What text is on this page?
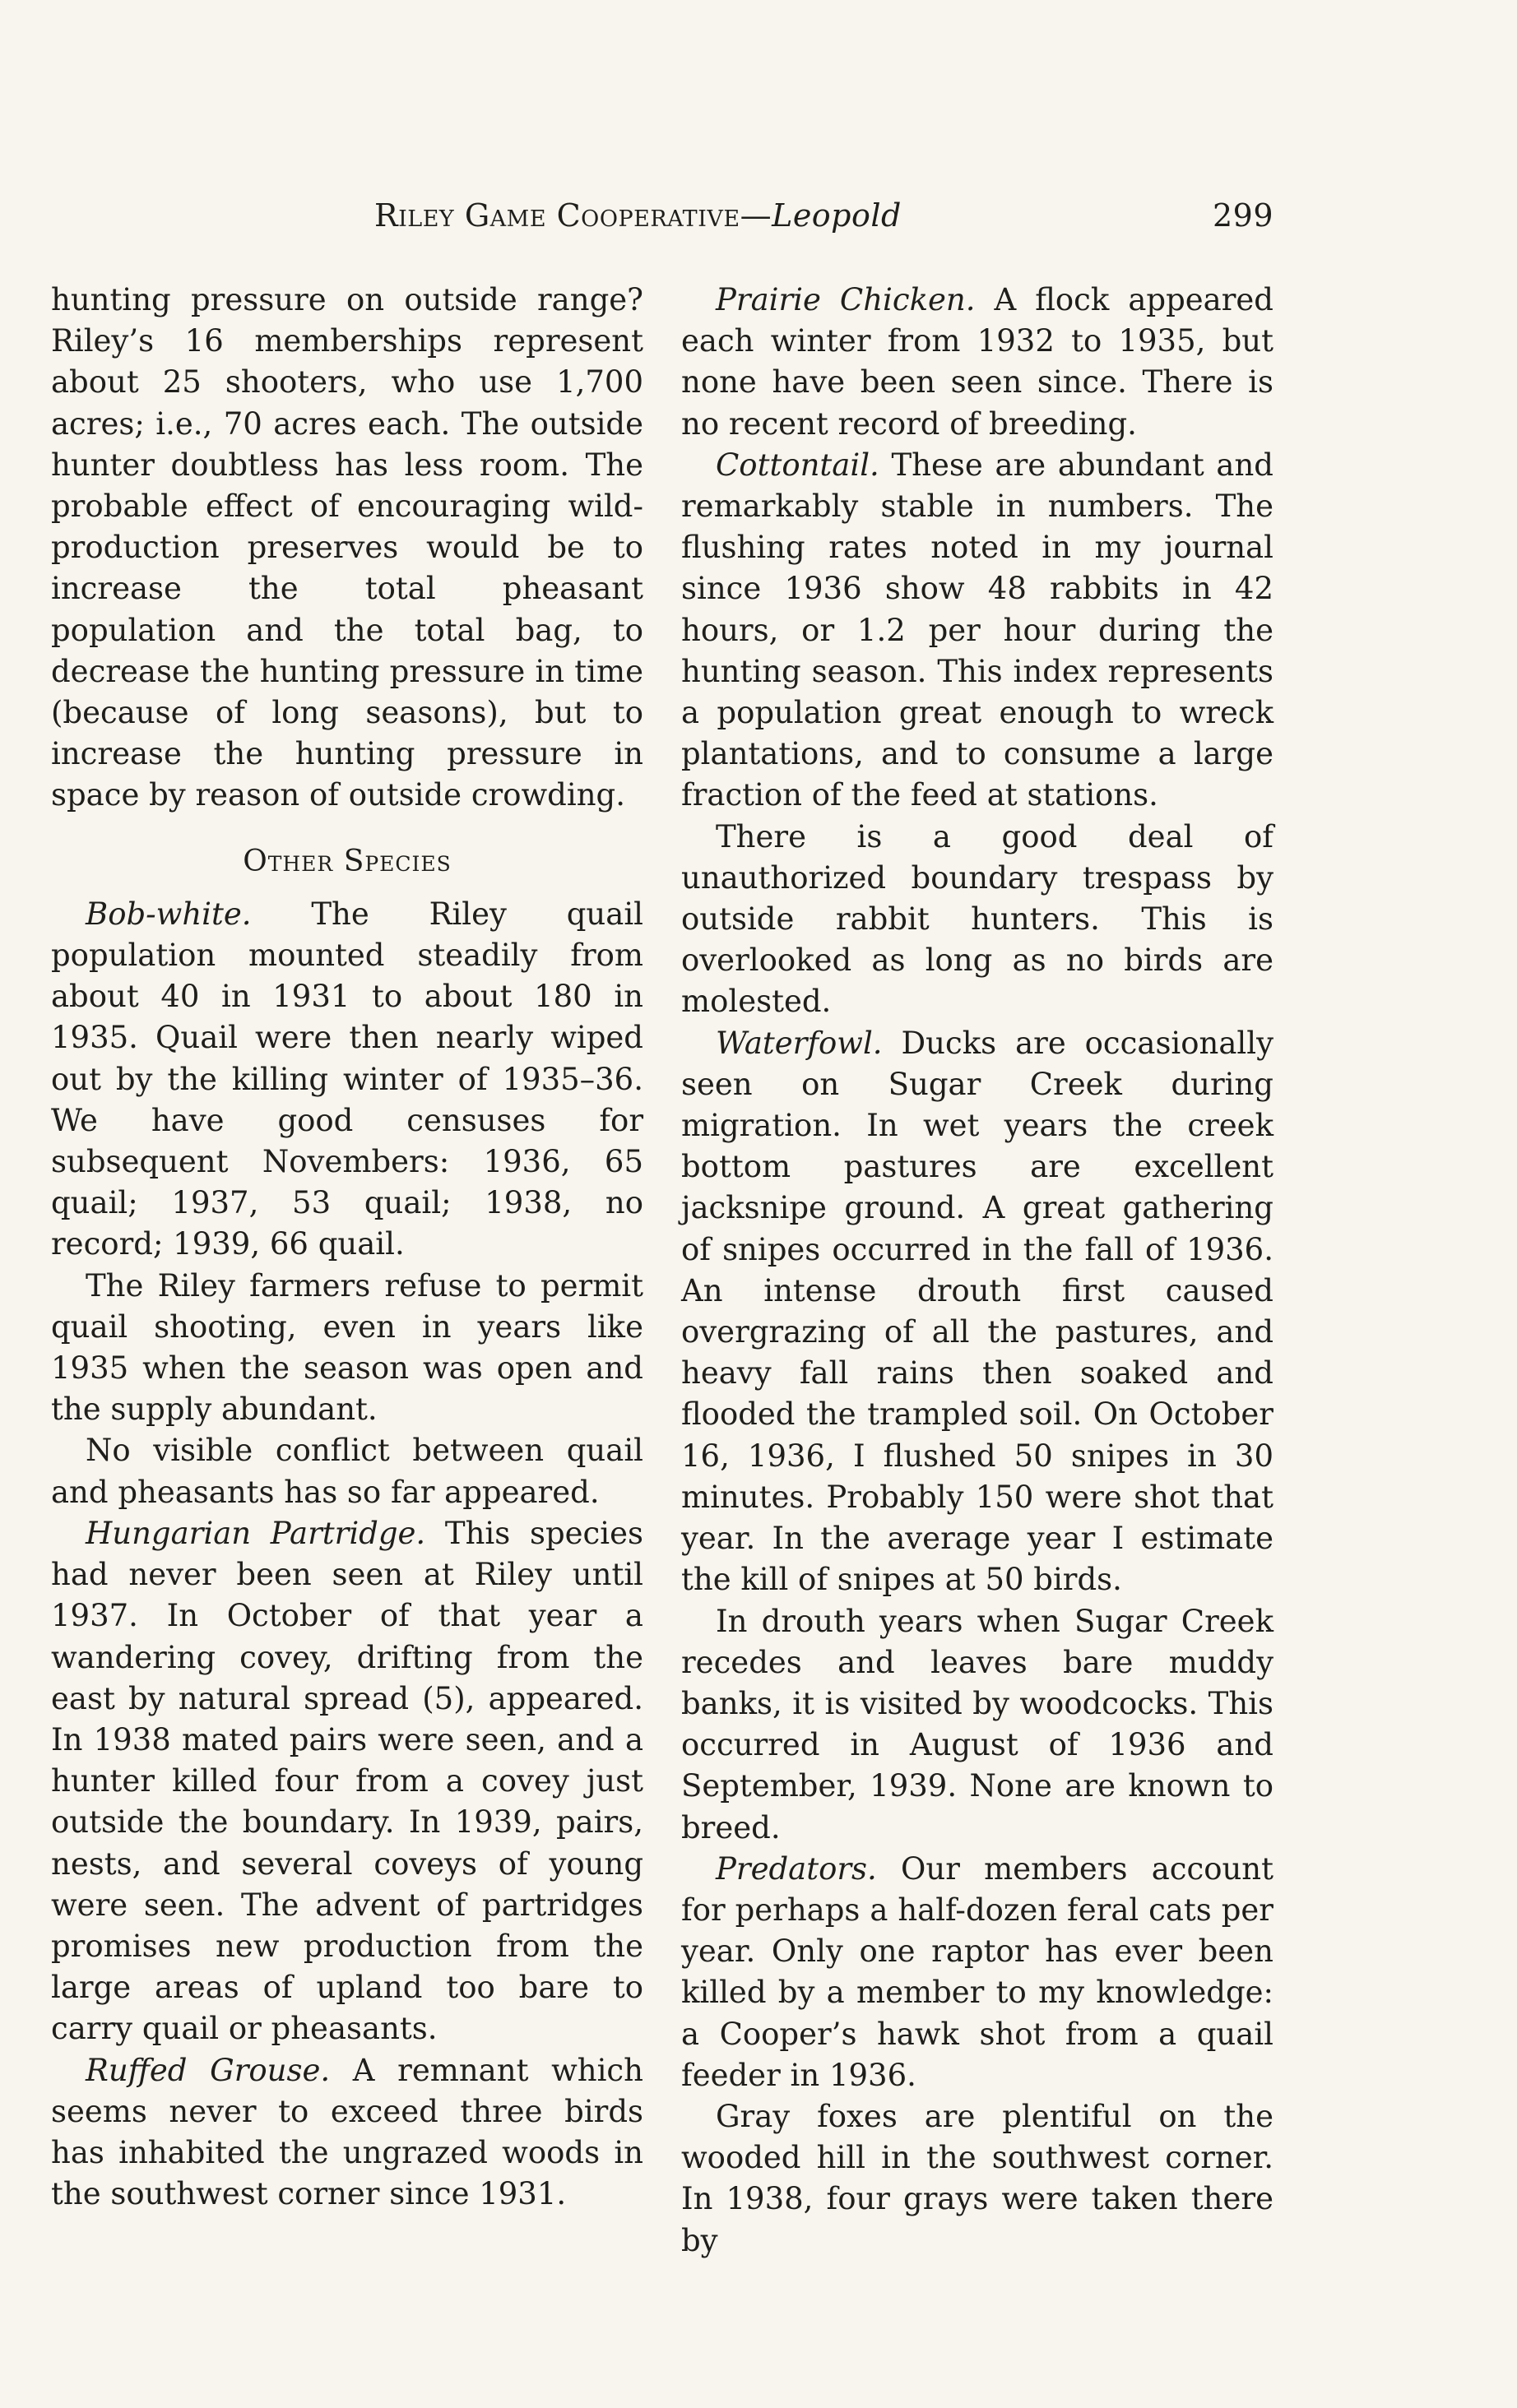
Riley Game Cooperative—Leopold	299

hunting pressure on outside range? Riley’s 16 memberships represent about 25 shooters, who use 1,700 acres; i.e., 70 acres each. The outside hunter doubtless has less room. The probable effect of encouraging wild-production preserves would be to increase the total pheasant population and the total bag, to decrease the hunting pressure in time (because of long seasons), but to increase the hunting pressure in space by reason of outside crowding.

Other Species

Bob-white. The Riley quail population mounted steadily from about 40 in 1931 to about 180 in 1935. Quail were then nearly wiped out by the killing winter of 1935–36. We have good censuses for subsequent Novembers: 1936, 65 quail; 1937, 53 quail; 1938, no record; 1939, 66 quail.

The Riley farmers refuse to permit quail shooting, even in years like 1935 when the season was open and the supply abundant.

No visible conflict between quail and pheasants has so far appeared.

Hungarian Partridge. This species had never been seen at Riley until 1937. In October of that year a wandering covey, drifting from the east by natural spread (5), appeared. In 1938 mated pairs were seen, and a hunter killed four from a covey just outside the boundary. In 1939, pairs, nests, and several coveys of young were seen. The advent of partridges promises new production from the large areas of upland too bare to carry quail or pheasants.

Ruffed Grouse. A remnant which seems never to exceed three birds has inhabited the ungrazed woods in the southwest corner since 1931.

Prairie Chicken. A flock appeared each winter from 1932 to 1935, but none have been seen since. There is no recent record of breeding.

Cottontail. These are abundant and remarkably stable in numbers. The flushing rates noted in my journal since 1936 show 48 rabbits in 42 hours, or 1.2 per hour during the hunting season. This index represents a population great enough to wreck plantations, and to consume a large fraction of the feed at stations.

There is a good deal of unauthorized boundary trespass by outside rabbit hunters. This is overlooked as long as no birds are molested.

Waterfowl. Ducks are occasionally seen on Sugar Creek during migration. In wet years the creek bottom pastures are excellent jacksnipe ground. A great gathering of snipes occurred in the fall of 1936. An intense drouth first caused overgrazing of all the pastures, and heavy fall rains then soaked and flooded the trampled soil. On October 16, 1936, I flushed 50 snipes in 30 minutes. Probably 150 were shot that year. In the average year I estimate the kill of snipes at 50 birds.

In drouth years when Sugar Creek recedes and leaves bare muddy banks, it is visited by woodcocks. This occurred in August of 1936 and September, 1939. None are known to breed.

Predators. Our members account for perhaps a half-dozen feral cats per year. Only one raptor has ever been killed by a member to my knowledge: a Cooper’s hawk shot from a quail feeder in 1936.

Gray foxes are plentiful on the wooded hill in the southwest corner. In 1938, four grays were taken there by
